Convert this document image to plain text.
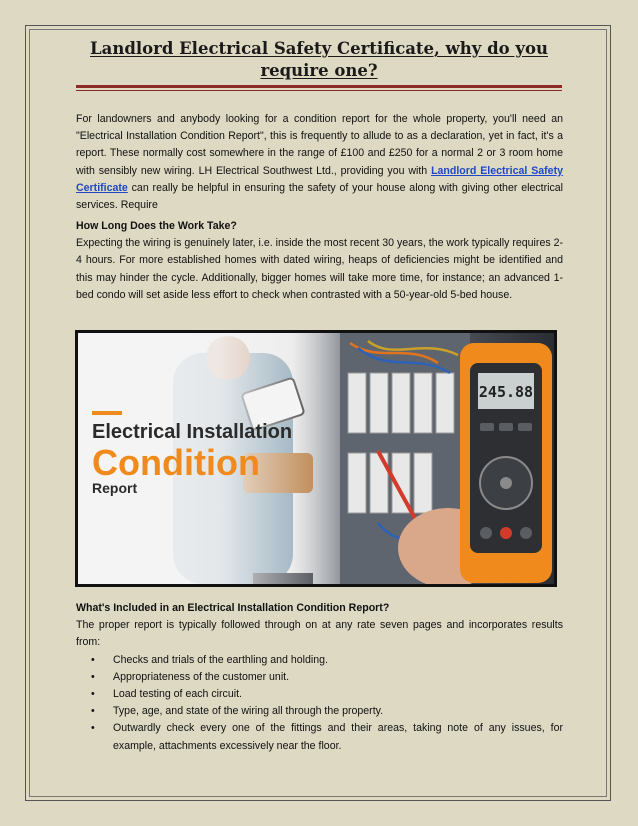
Landlord Electrical Safety Certificate, why do you require one?
For landowners and anybody looking for a condition report for the whole property, you'll need an "Electrical Installation Condition Report", this is frequently to allude to as a declaration, yet in fact, it's a report. These normally cost somewhere in the range of £100 and £250 for a normal 2 or 3 room home with sensibly new wiring. LH Electrical Southwest Ltd., providing you with Landlord Electrical Safety Certificate can really be helpful in ensuring the safety of your house along with giving other electrical services. Require
How Long Does the Work Take?
Expecting the wiring is genuinely later, i.e. inside the most recent 30 years, the work typically requires 2-4 hours. For more established homes with dated wiring, heaps of deficiencies might be identified and this may hinder the cycle. Additionally, bigger homes will take more time, for instance; an advanced 1-bed condo will set aside less effort to check when contrasted with a 50-year-old 5-bed house.
245.88
Electrical Installation
Condition
Report
What's Included in an Electrical Installation Condition Report?
The proper report is typically followed through on at any rate seven pages and incorporates results from:
• Checks and trials of the earthling and holding.
• Appropriateness of the customer unit.
• Load testing of each circuit.
• Type, age, and state of the wiring all through the property.
• Outwardly check every one of the fittings and their areas, taking note of any issues, for example, attachments excessively near the floor.
